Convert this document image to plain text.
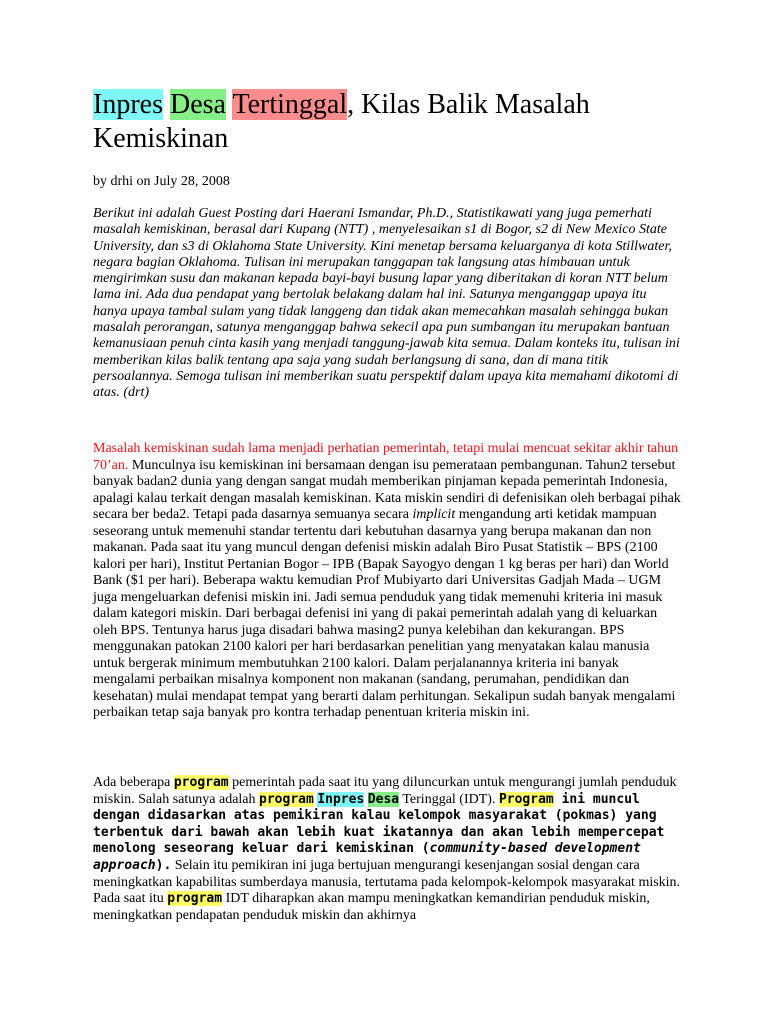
Inpres Desa Tertinggal, Kilas Balik Masalah Kemiskinan
by drhi on July 28, 2008

Berikut ini adalah Guest Posting dari Haerani Ismandar, Ph.D., Statistikawati yang juga pemerhati masalah kemiskinan, berasal dari Kupang (NTT) , menyelesaikan s1 di Bogor, s2 di New Mexico State University, dan s3 di Oklahoma State University. Kini menetap bersama keluarganya di kota Stillwater, negara bagian Oklahoma. Tulisan ini merupakan tanggapan tak langsung atas himbauan untuk mengirimkan susu dan makanan kepada bayi-bayi busung lapar yang diberitakan di koran NTT belum lama ini. Ada dua pendapat yang bertolak belakang dalam hal ini. Satunya menganggap upaya itu hanya upaya tambal sulam yang tidak langgeng dan tidak akan memecahkan masalah sehingga bukan masalah perorangan, satunya menganggap bahwa sekecil apa pun sumbangan itu merupakan bantuan kemanusiaan penuh cinta kasih yang menjadi tanggung-jawab kita semua. Dalam konteks itu, tulisan ini memberikan kilas balik tentang apa saja yang sudah berlangsung di sana, dan di mana titik persoalannya. Semoga tulisan ini memberikan suatu perspektif dalam upaya kita memahami dikotomi di atas. (drt)

Masalah kemiskinan sudah lama menjadi perhatian pemerintah, tetapi mulai mencuat sekitar akhir tahun 70’an. Munculnya isu kemiskinan ini bersamaan dengan isu pemerataan pembangunan. Tahun2 tersebut banyak badan2 dunia yang dengan sangat mudah memberikan pinjaman kepada pemerintah Indonesia, apalagi kalau terkait dengan masalah kemiskinan. Kata miskin sendiri di defenisikan oleh berbagai pihak secara ber beda2. Tetapi pada dasarnya semuanya secara implicit mengandung arti ketidak mampuan seseorang untuk memenuhi standar tertentu dari kebutuhan dasarnya yang berupa makanan dan non makanan. Pada saat itu yang muncul dengan defenisi miskin adalah Biro Pusat Statistik – BPS (2100 kalori per hari), Institut Pertanian Bogor – IPB (Bapak Sayogyo dengan 1 kg beras per hari) dan World Bank ($1 per hari). Beberapa waktu kemudian Prof Mubiyarto dari Universitas Gadjah Mada – UGM juga mengeluarkan defenisi miskin ini. Jadi semua penduduk yang tidak memenuhi kriteria ini masuk dalam kategori miskin. Dari berbagai defenisi ini yang di pakai pemerintah adalah yang di keluarkan oleh BPS. Tentunya harus juga disadari bahwa masing2 punya kelebihan dan kekurangan. BPS menggunakan patokan 2100 kalori per hari berdasarkan penelitian yang menyatakan kalau manusia untuk bergerak minimum membutuhkan 2100 kalori. Dalam perjalanannya kriteria ini banyak mengalami perbaikan misalnya komponent non makanan (sandang, perumahan, pendidikan dan kesehatan) mulai mendapat tempat yang berarti dalam perhitungan. Sekalipun sudah banyak mengalami perbaikan tetap saja banyak pro kontra terhadap penentuan kriteria miskin ini.

Ada beberapa program pemerintah pada saat itu yang diluncurkan untuk mengurangi jumlah penduduk miskin. Salah satunya adalah program Inpres Desa Teringgal (IDT). Program ini muncul dengan didasarkan atas pemikiran kalau kelompok masyarakat (pokmas) yang terbentuk dari bawah akan lebih kuat ikatannya dan akan lebih mempercepat menolong seseorang keluar dari kemiskinan (community-based development approach). Selain itu pemikiran ini juga bertujuan mengurangi kesenjangan sosial dengan cara meningkatkan kapabilitas sumberdaya manusia, tertutama pada kelompok-kelompok masyarakat miskin. Pada saat itu program IDT diharapkan akan mampu meningkatkan kemandirian penduduk miskin, meningkatkan pendapatan penduduk miskin dan akhirnya
